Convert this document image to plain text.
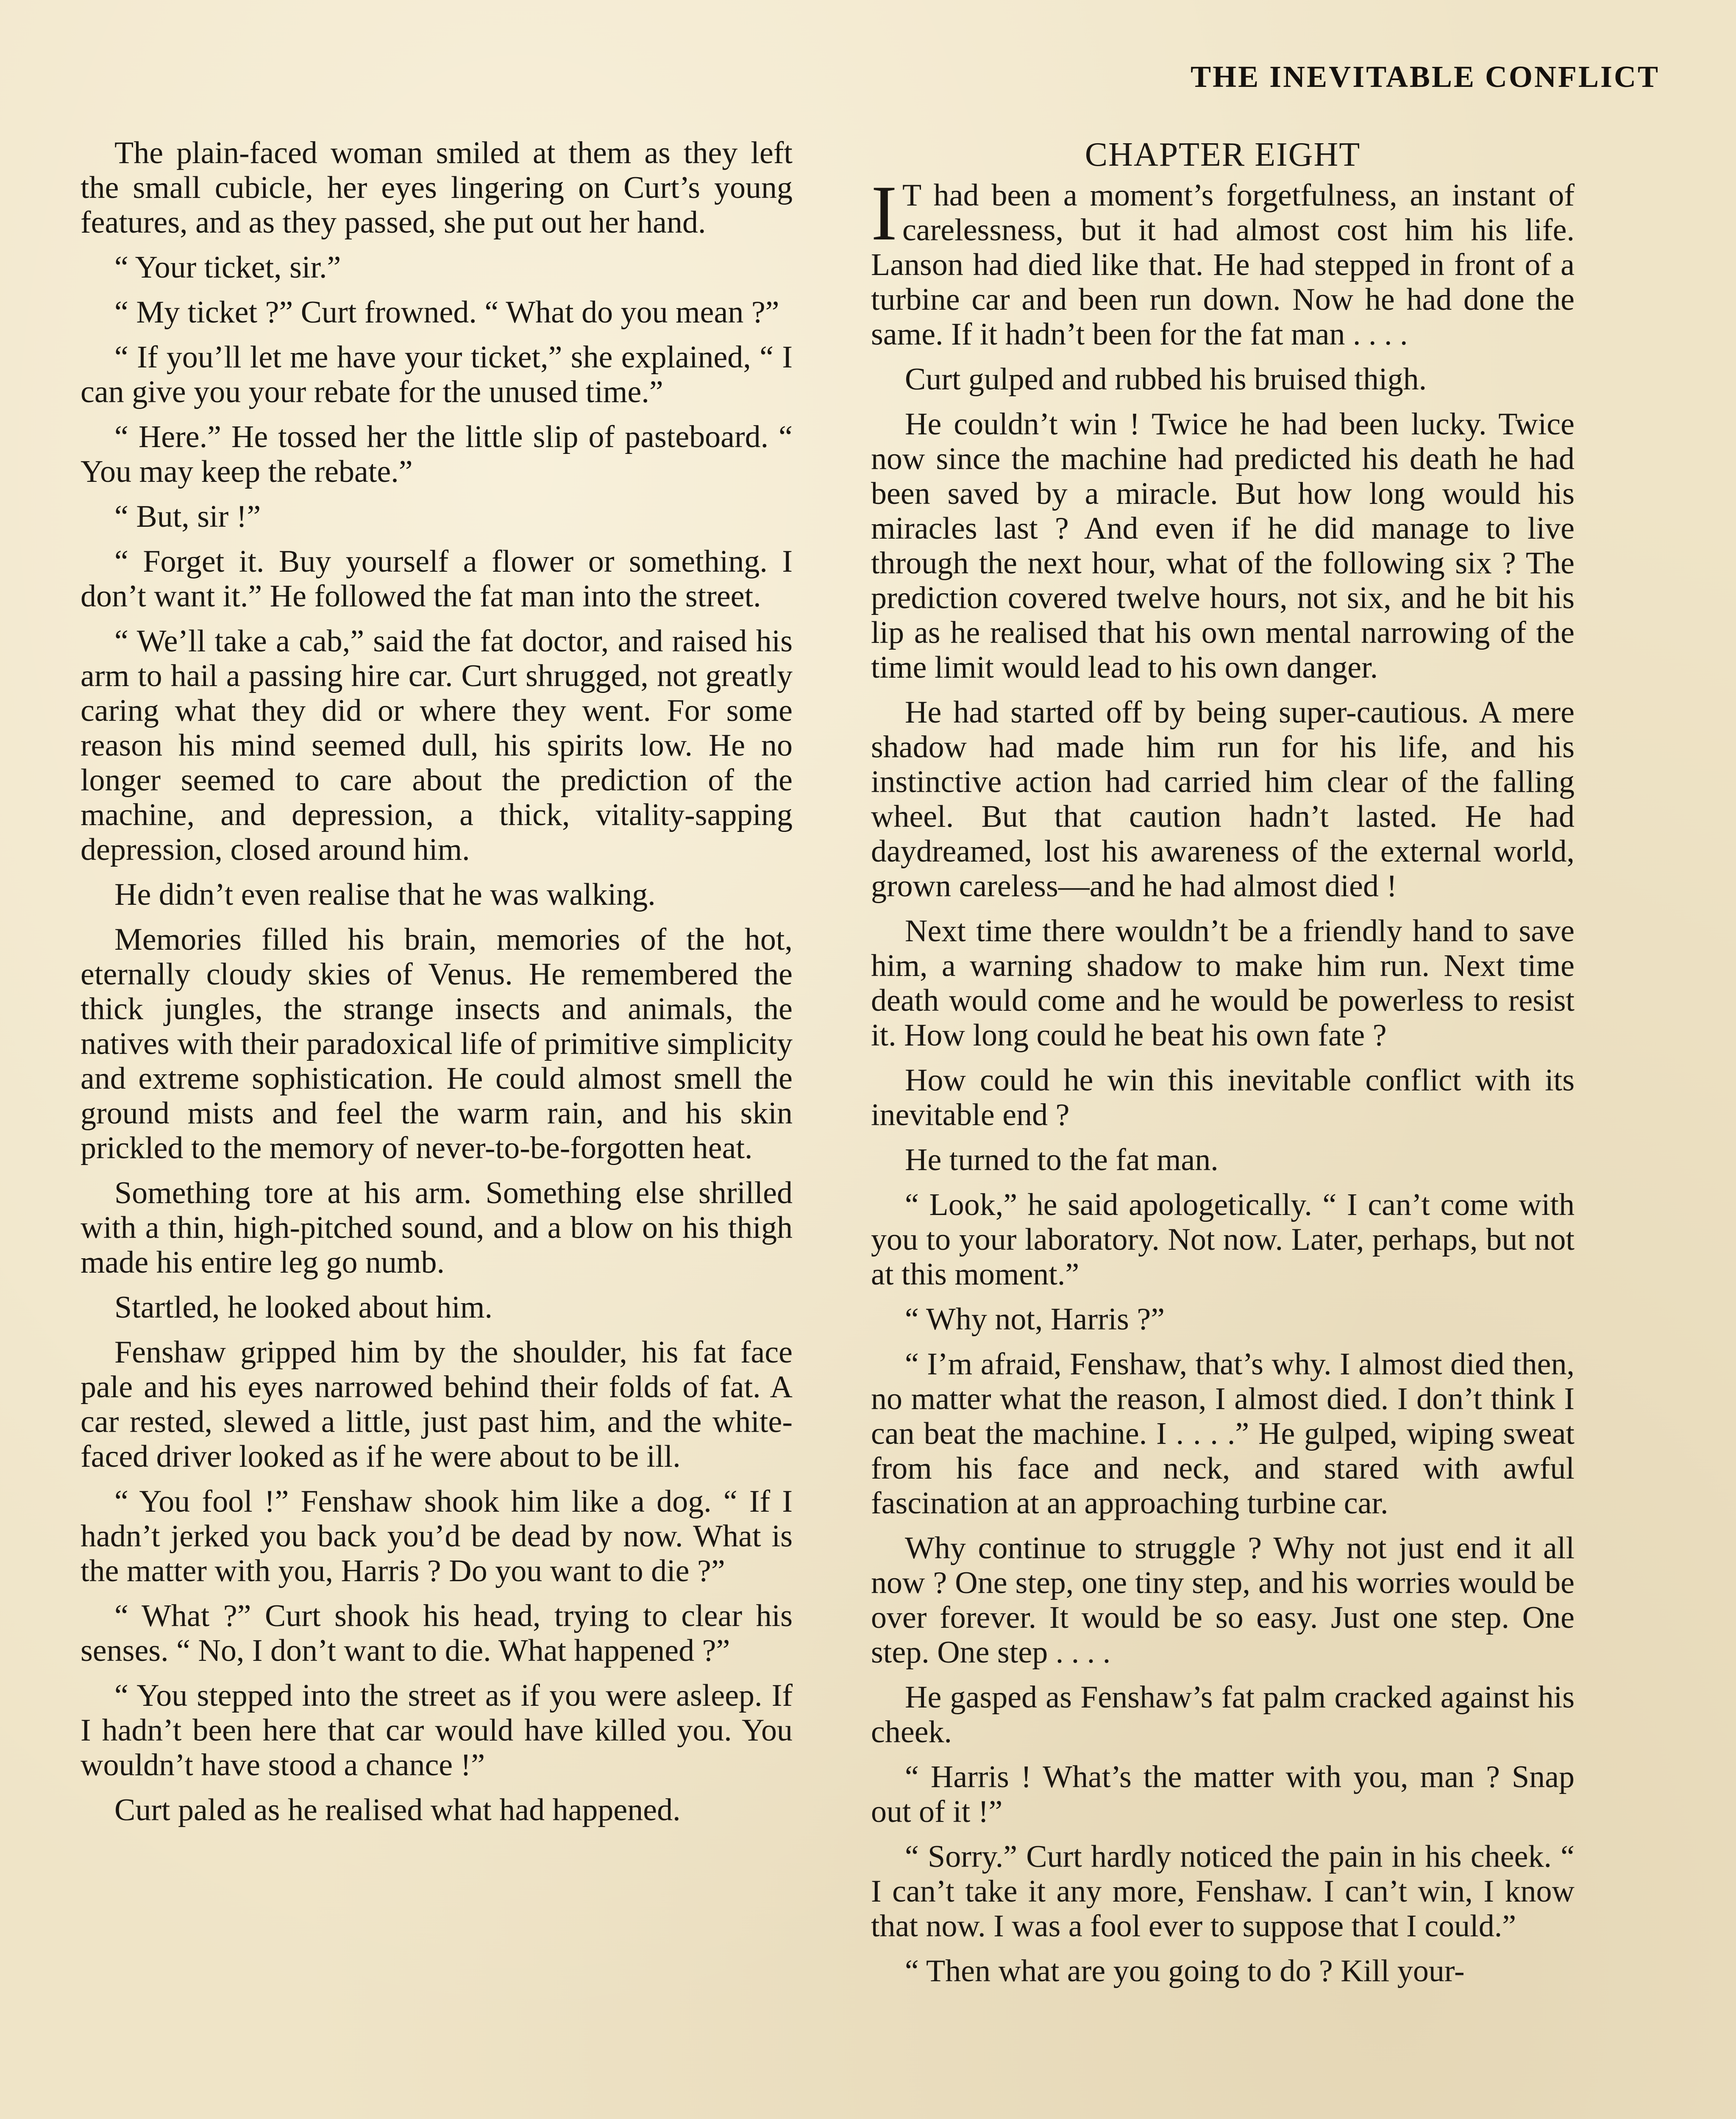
THE INEVITABLE CONFLICT

The plain-faced woman smiled at them as they left the small cubicle, her eyes lingering on Curt’s young features, and as they passed, she put out her hand.

“ Your ticket, sir.”

“ My ticket ?” Curt frowned. “ What do you mean ?”

“ If you’ll let me have your ticket,” she explained, “ I can give you your rebate for the unused time.”

“ Here.” He tossed her the little slip of pasteboard. “ You may keep the rebate.”

“ But, sir !”

“ Forget it. Buy yourself a flower or something. I don’t want it.” He followed the fat man into the street.

“ We’ll take a cab,” said the fat doctor, and raised his arm to hail a passing hire car. Curt shrugged, not greatly caring what they did or where they went. For some reason his mind seemed dull, his spirits low. He no longer seemed to care about the prediction of the machine, and depression, a thick, vitality-sapping depression, closed around him.

He didn’t even realise that he was walking.

Memories filled his brain, memories of the hot, eternally cloudy skies of Venus. He remembered the thick jungles, the strange insects and animals, the natives with their paradoxical life of primitive simplicity and extreme sophistication. He could almost smell the ground mists and feel the warm rain, and his skin prickled to the memory of never-to-be-forgotten heat.

Something tore at his arm. Something else shrilled with a thin, high-pitched sound, and a blow on his thigh made his entire leg go numb.

Startled, he looked about him.

Fenshaw gripped him by the shoulder, his fat face pale and his eyes narrowed behind their folds of fat. A car rested, slewed a little, just past him, and the white-faced driver looked as if he were about to be ill.

“ You fool !” Fenshaw shook him like a dog. “ If I hadn’t jerked you back you’d be dead by now. What is the matter with you, Harris ? Do you want to die ?”

“ What ?” Curt shook his head, trying to clear his senses. “ No, I don’t want to die. What happened ?”

“ You stepped into the street as if you were asleep. If I hadn’t been here that car would have killed you. You wouldn’t have stood a chance !”

Curt paled as he realised what had happened.

CHAPTER EIGHT

I T had been a moment’s forgetfulness, an instant of carelessness, but it had almost cost him his life. Lanson had died like that. He had stepped in front of a turbine car and been run down. Now he had done the same. If it hadn’t been for the fat man . . . .

Curt gulped and rubbed his bruised thigh.

He couldn’t win ! Twice he had been lucky. Twice now since the machine had predicted his death he had been saved by a miracle. But how long would his miracles last ? And even if he did manage to live through the next hour, what of the following six ? The prediction covered twelve hours, not six, and he bit his lip as he realised that his own mental narrowing of the time limit would lead to his own danger.

He had started off by being super-cautious. A mere shadow had made him run for his life, and his instinctive action had carried him clear of the falling wheel. But that caution hadn’t lasted. He had daydreamed, lost his awareness of the external world, grown careless—and he had almost died !

Next time there wouldn’t be a friendly hand to save him, a warning shadow to make him run. Next time death would come and he would be powerless to resist it. How long could he beat his own fate ?

How could he win this inevitable conflict with its inevitable end ?

He turned to the fat man.

“ Look,” he said apologetically. “ I can’t come with you to your laboratory. Not now. Later, perhaps, but not at this moment.”

“ Why not, Harris ?”

“ I’m afraid, Fenshaw, that’s why. I almost died then, no matter what the reason, I almost died. I don’t think I can beat the machine. I . . . .” He gulped, wiping sweat from his face and neck, and stared with awful fascination at an approaching turbine car.

Why continue to struggle ? Why not just end it all now ? One step, one tiny step, and his worries would be over forever. It would be so easy. Just one step. One step. One step . . . .

He gasped as Fenshaw’s fat palm cracked against his cheek.

“ Harris ! What’s the matter with you, man ? Snap out of it !”

“ Sorry.” Curt hardly noticed the pain in his cheek. “ I can’t take it any more, Fenshaw. I can’t win, I know that now. I was a fool ever to suppose that I could.”

“ Then what are you going to do ? Kill your-
